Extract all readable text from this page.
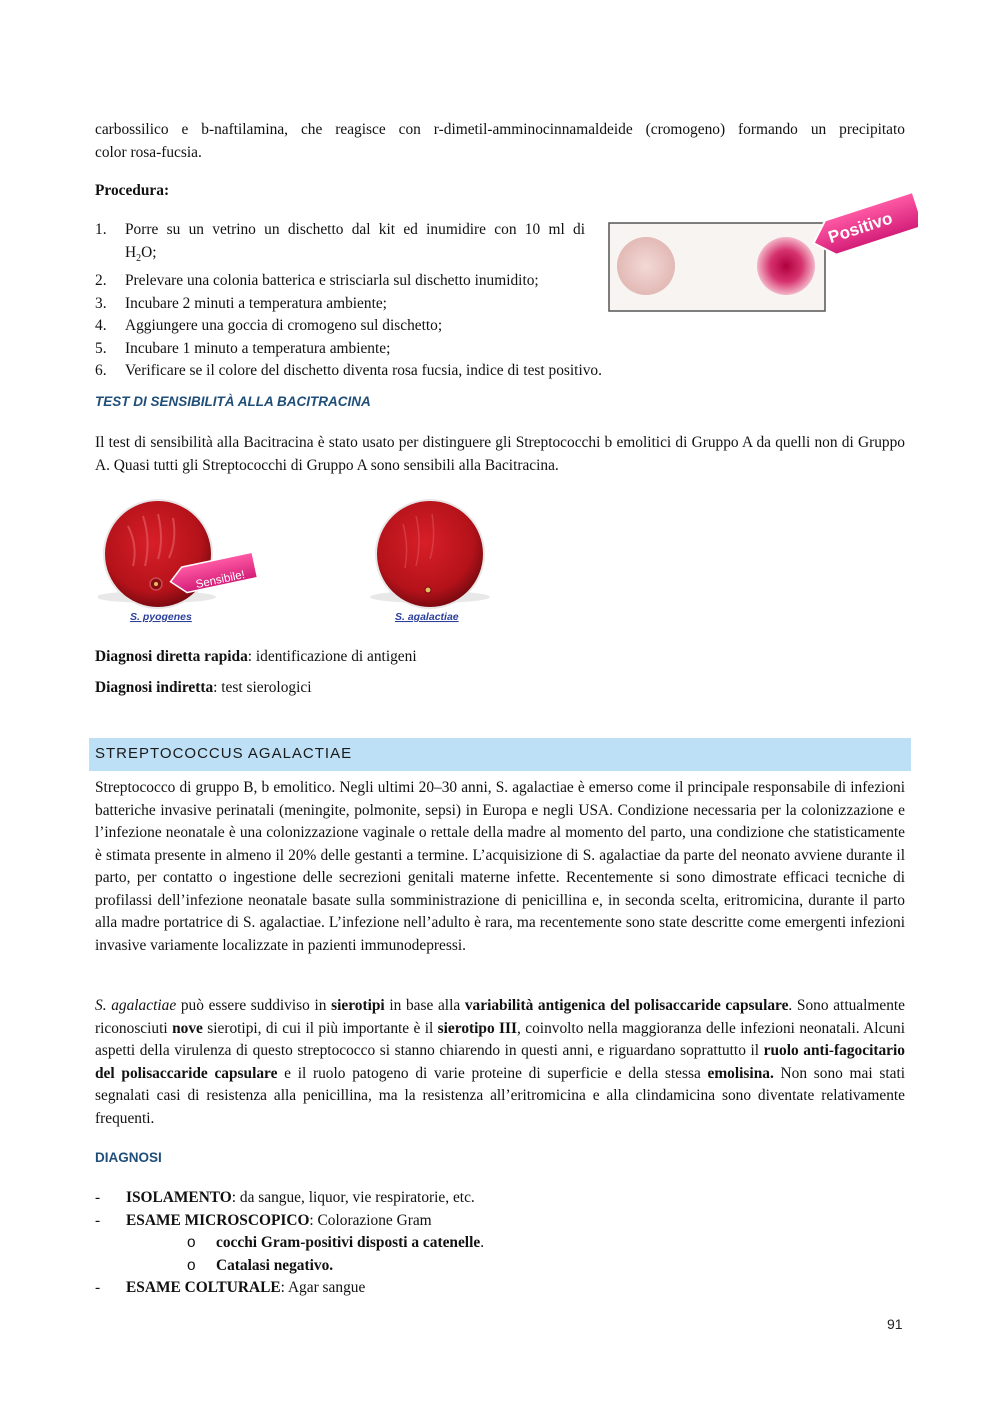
carbossilico e b-naftilamina, che reagisce con r-dimetil-amminocinnamaldeide (cromogeno) formando un precipitato
color rosa-fucsia.
Procedura:
1. Porre su un vetrino un dischetto dal kit ed inumidire con 10 ml di
$H_2O$;
2. Prelevare una colonia batterica e strisciarla sul dischetto inumidito;
3. Incubare 2 minuti a temperatura ambiente;
4. Aggiungere una goccia di cromogeno sul dischetto;
5. Incubare 1 minuto a temperatura ambiente;
6. Verificare se il colore del dischetto diventa rosa fucsia, indice di test positivo.
Positivo
TEST DI SENSIBILITÀ ALLA BACITRACINA
Il test di sensibilità alla Bacitracina è stato usato per distinguere gli Streptococchi b emolitici di Gruppo A da quelli non di Gruppo A. Quasi tutti gli Streptococchi di Gruppo A sono sensibili alla Bacitracina.
Sensibile!
S. pyogenes	S. agalactiae
Diagnosi diretta rapida: identificazione di antigeni
Diagnosi indiretta: test sierologici
STREPTOCOCCUS AGALACTIAE
Streptococco di gruppo B, b emolitico. Negli ultimi 20–30 anni, S. agalactiae è emerso come il principale responsabile di infezioni batteriche invasive perinatali (meningite, polmonite, sepsi) in Europa e negli USA. Condizione necessaria per la colonizzazione e l’infezione neonatale è una colonizzazione vaginale o rettale della madre al momento del parto, una condizione che statisticamente è stimata presente in almeno il 20% delle gestanti a termine. L’acquisizione di S. agalactiae da parte del neonato avviene durante il parto, per contatto o ingestione delle secrezioni genitali materne infette. Recentemente si sono dimostrate efficaci tecniche di profilassi dell’infezione neonatale basate sulla somministrazione di penicillina e, in seconda scelta, eritromicina, durante il parto alla madre portatrice di S. agalactiae. L’infezione nell’adulto è rara, ma recentemente sono state descritte come emergenti infezioni invasive variamente localizzate in pazienti immunodepressi.
S. agalactiae può essere suddiviso in sierotipi in base alla variabilità antigenica del polisaccaride capsulare. Sono attualmente riconosciuti nove sierotipi, di cui il più importante è il sierotipo III, coinvolto nella maggioranza delle infezioni neonatali. Alcuni aspetti della virulenza di questo streptococco si stanno chiarendo in questi anni, e riguardano soprattutto il ruolo anti-fagocitario del polisaccaride capsulare e il ruolo patogeno di varie proteine di superficie e della stessa emolisina. Non sono mai stati segnalati casi di resistenza alla penicillina, ma la resistenza all’eritromicina e alla clindamicina sono diventate relativamente frequenti.
DIAGNOSI
- ISOLAMENTO: da sangue, liquor, vie respiratorie, etc.
- ESAME MICROSCOPICO: Colorazione Gram
o cocchi Gram-positivi disposti a catenelle.
o Catalasi negativo.
- ESAME COLTURALE: Agar sangue
91
